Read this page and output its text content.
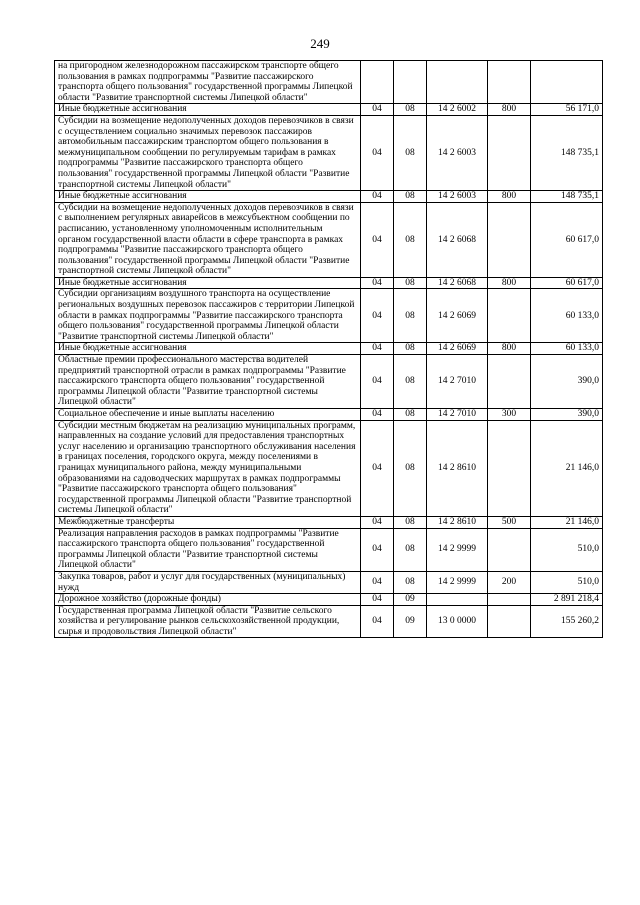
249
на пригородном железнодорожном пассажирском транспорте общего пользования в рамках подпрограммы "Развитие пассажирского транспорта общего пользования" государственной программы Липецкой области "Развитие транспортной системы Липецкой области"					
Иные бюджетные ассигнования	04	08	14 2 6002	800	56 171,0
Субсидии на возмещение недополученных доходов перевозчиков в связи с осуществлением социально значимых перевозок пассажиров автомобильным пассажирским транспортом общего пользования в межмуниципальном сообщении по регулируемым тарифам в рамках подпрограммы "Развитие пассажирского транспорта общего пользования" государственной программы Липецкой области "Развитие транспортной системы Липецкой области"	04	08	14 2 6003		148 735,1
Иные бюджетные ассигнования	04	08	14 2 6003	800	148 735,1
Субсидии на возмещение недополученных доходов перевозчиков в связи с выполнением регулярных авиарейсов в межсубъектном сообщении по расписанию, установленному уполномоченным исполнительным органом государственной власти области в сфере транспорта в рамках подпрограммы "Развитие пассажирского транспорта общего пользования" государственной программы Липецкой области "Развитие транспортной системы Липецкой области"	04	08	14 2 6068		60 617,0
Иные бюджетные ассигнования	04	08	14 2 6068	800	60 617,0
Субсидии организациям воздушного транспорта на осуществление региональных воздушных перевозок пассажиров с территории Липецкой области в рамках подпрограммы "Развитие пассажирского транспорта общего пользования" государственной программы Липецкой области "Развитие транспортной системы Липецкой области"	04	08	14 2 6069		60 133,0
Иные бюджетные ассигнования	04	08	14 2 6069	800	60 133,0
Областные премии профессионального мастерства водителей предприятий транспортной отрасли в рамках подпрограммы "Развитие пассажирского транспорта общего пользования" государственной программы Липецкой области "Развитие транспортной системы Липецкой области"	04	08	14 2 7010		390,0
Социальное обеспечение и иные выплаты населению	04	08	14 2 7010	300	390,0
Субсидии местным бюджетам на реализацию муниципальных программ, направленных на создание условий для предоставления транспортных услуг населению и организацию транспортного обслуживания населения в границах поселения, городского округа, между поселениями в границах муниципального района, между муниципальными образованиями на садоводческих маршрутах в рамках подпрограммы "Развитие пассажирского транспорта общего пользования" государственной программы Липецкой области "Развитие транспортной системы Липецкой области"	04	08	14 2 8610		21 146,0
Межбюджетные трансферты	04	08	14 2 8610	500	21 146,0
Реализация направления расходов в рамках подпрограммы "Развитие пассажирского транспорта общего пользования" государственной программы Липецкой области "Развитие транспортной системы Липецкой области"	04	08	14 2 9999		510,0
Закупка товаров, работ и услуг для государственных (муниципальных) нужд	04	08	14 2 9999	200	510,0
Дорожное хозяйство (дорожные фонды)	04	09			2 891 218,4
Государственная программа Липецкой области "Развитие сельского хозяйства и регулирование рынков сельскохозяйственной продукции, сырья и продовольствия Липецкой области"	04	09	13 0 0000		155 260,2
